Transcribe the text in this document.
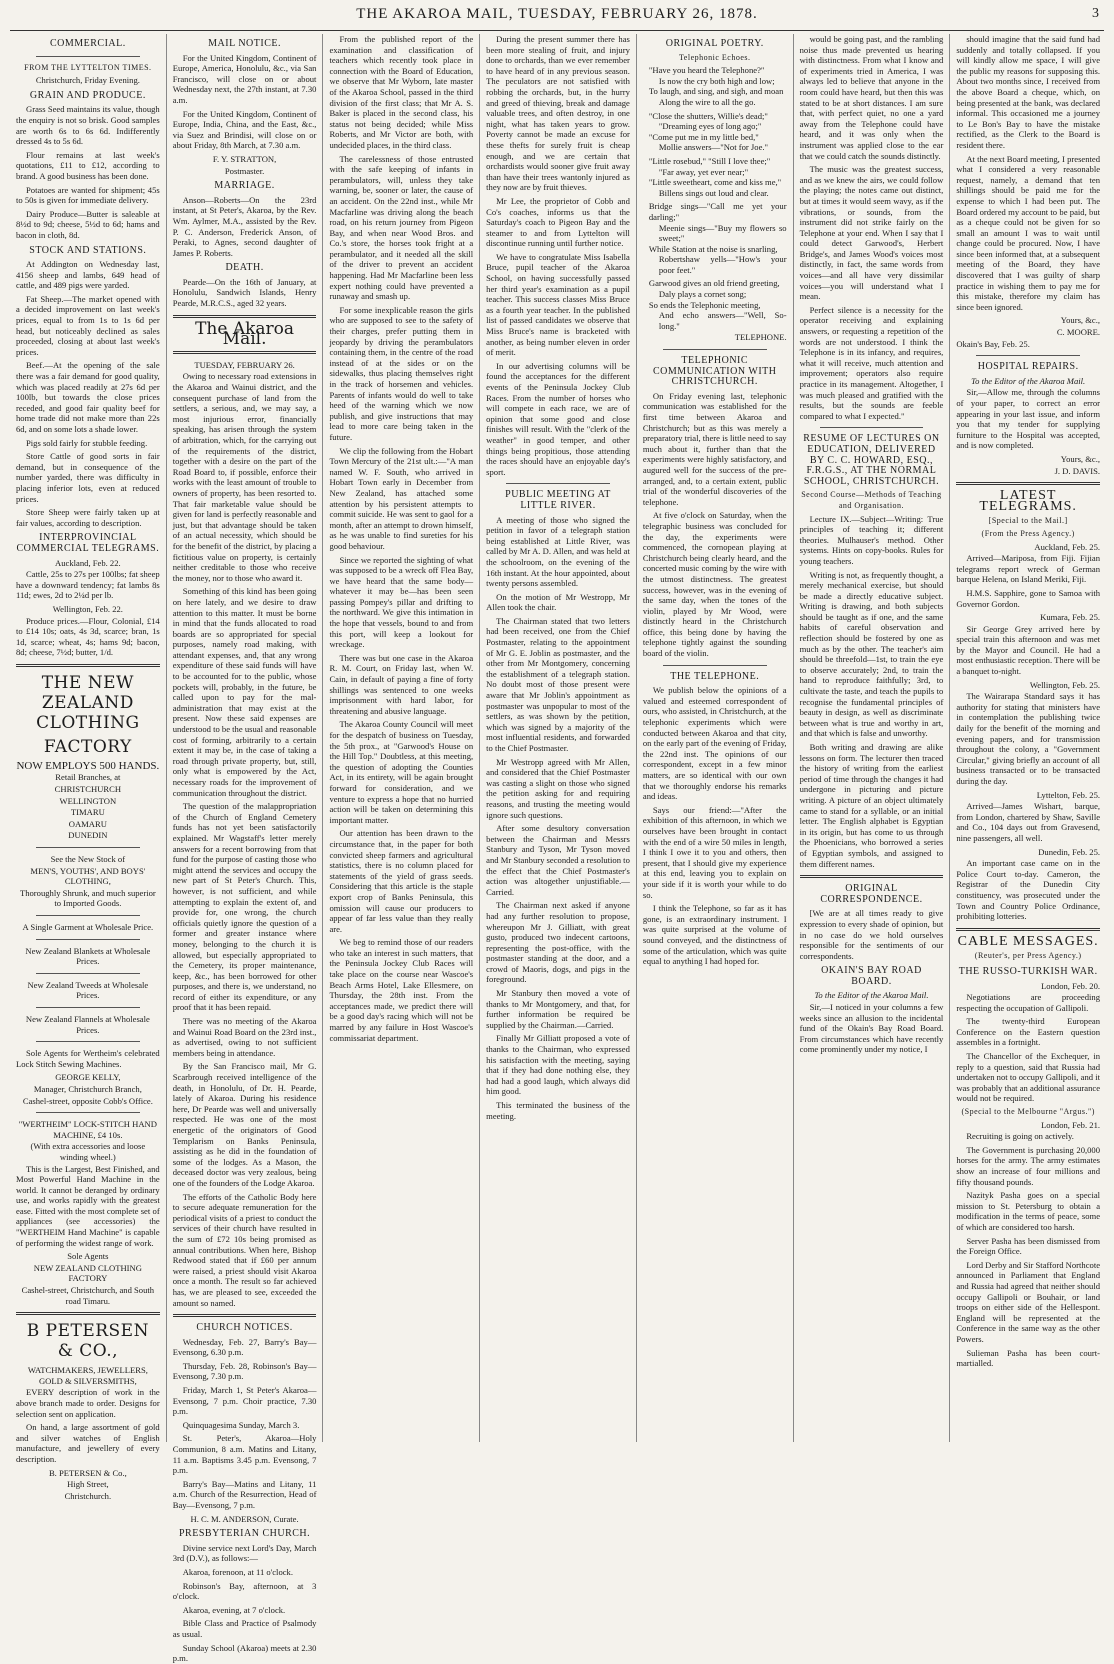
THE AKAROA MAIL, TUESDAY, FEBRUARY 26, 1878.	3
COMMERCIAL.
FROM THE LYTTELTON TIMES.
Christchurch, Friday Evening.
GRAIN AND PRODUCE.

Grass Seed maintains its value, though the enquiry is not so brisk. Good samples are worth 6s to 6s 6d. Indifferently dressed 4s to 5s 6d.

Flour remains at last week's quotations, £11 to £12, according to brand. A good business has been done.

Potatoes are wanted for shipment; 45s to 50s is given for immediate delivery.

Dairy Produce—Butter is saleable at 8½d to 9d; cheese, 5½d to 6d; hams and bacon in cloth, 8d.

STOCK AND STATIONS.

At Addington on Wednesday last, 4156 sheep and lambs, 649 head of cattle, and 489 pigs were yarded.

Fat Sheep.—The market opened with a decided improvement on last week's prices, equal to from 1s to 1s 6d per head, but noticeably declined as sales proceeded, closing at about last week's prices.

Beef.—At the opening of the sale there was a fair demand for good quality, which was placed readily at 27s 6d per 100lb, but towards the close prices receded, and good fair quality beef for home trade did not make more than 22s 6d, and on some lots a shade lower.

Pigs sold fairly for stubble feeding.

Store Cattle of good sorts in fair demand, but in consequence of the number yarded, there was difficulty in placing inferior lots, even at reduced prices.

Store Sheep were fairly taken up at fair values, according to description.

INTERPROVINCIAL COMMERCIAL TELEGRAMS.
Auckland, Feb. 22.

Cattle, 25s to 27s per 100lbs; fat sheep have a downward tendency; fat lambs 8s 11d; ewes, 2d to 2¼d per lb.

Wellington, Feb. 22.

Produce prices.—Flour, Colonial, £14 to £14 10s; oats, 4s 3d, scarce; bran, 1s 1d, scarce; wheat, 4s; hams 9d; bacon, 8d; cheese, 7½d; butter, 1/d.

THE NEW ZEALAND CLOTHING
FACTORY
NOW EMPLOYS 500 HANDS.
Retail Branches, at
CHRISTCHURCH
WELLINGTON
TIMARU
OAMARU
DUNEDIN
See the New Stock of
MEN'S, YOUTHS', AND BOYS' CLOTHING,
Thoroughly Shrunk, and much superior to Imported Goods.
A Single Garment at Wholesale Price.
New Zealand Blankets at Wholesale Prices.
New Zealand Tweeds at Wholesale Prices.
New Zealand Flannels at Wholesale Prices.

Sole Agents for Wertheim's celebrated Lock Stitch Sewing Machines.

GEORGE KELLY,
Manager, Christchurch Branch,
Cashel-street, opposite Cobb's Office.
"WERTHEIM" LOCK-STITCH HAND MACHINE, £4 10s.
(With extra accessories and loose winding wheel.)

This is the Largest, Best Finished, and Most Powerful Hand Machine in the world. It cannot be deranged by ordinary use, and works rapidly with the greatest ease. Fitted with the most complete set of appliances (see accessories) the "WERTHEIM Hand Machine" is capable of performing the widest range of work.

Sole Agents
NEW ZEALAND CLOTHING FACTORY
Cashel-street, Christchurch, and South road Timaru.
B PETERSEN & CO.,
WATCHMAKERS, JEWELLERS, GOLD & SILVERSMITHS,

EVERY description of work in the above branch made to order. Designs for selection sent on application.

On hand, a large assortment of gold and silver watches of English manufacture, and jewellery of every description.

B. PETERSEN & Co.,
High Street,
Christchurch.
MAIL NOTICE.

For the United Kingdom, Continent of Europe, America, Honolulu, &c., via San Francisco, will close on or about Wednesday next, the 27th instant, at 7.30 a.m.

For the United Kingdom, Continent of Europe, India, China, and the East, &c., via Suez and Brindisi, will close on or about Friday, 8th March, at 7.30 a.m.

F. Y. STRATTON,
Postmaster.
MARRIAGE.

Anson—Roberts—On the 23rd instant, at St Peter's, Akaroa, by the Rev. Wm. Aylmer, M.A., assisted by the Rev. P. C. Anderson, Frederick Anson, of Peraki, to Agnes, second daughter of James P. Roberts.

DEATH.

Pearde—On the 16th of January, at Honolulu, Sandwich Islands, Henry Pearde, M.R.C.S., aged 32 years.

The Akaroa Mail.
TUESDAY, FEBRUARY 26.

Owing to necessary road extensions in the Akaroa and Wainui district, and the consequent purchase of land from the settlers, a serious, and, we may say, a most injurious error, financially speaking, has arisen through the system of arbitration, which, for the carrying out of the requirements of the district, together with a desire on the part of the Road Board to, if possible, enforce their works with the least amount of trouble to owners of property, has been resorted to. That fair marketable value should be given for land is perfectly reasonable and just, but that advantage should be taken of an actual necessity, which should be for the benefit of the district, by placing a fictitious value on property, is certainly neither creditable to those who receive the money, nor to those who award it.

Something of this kind has been going on here lately, and we desire to draw attention to this matter. It must be borne in mind that the funds allocated to road boards are so appropriated for special purposes, namely road making, with attendant expenses, and, that any wrong expenditure of these said funds will have to be accounted for to the public, whose pockets will, probably, in the future, be called upon to pay for the mal-administration that may exist at the present. Now these said expenses are understood to be the usual and reasonable cost of forming, arbitrarily to a certain extent it may be, in the case of taking a road through private property, but, still, only what is empowered by the Act, necessary roads for the improvement of communication throughout the district.

The question of the malappropriation of the Church of England Cemetery funds has not yet been satisfactorily explained. Mr Wagstaff's letter merely answers for a recent borrowing from that fund for the purpose of casting those who might attend the services and occupy the new part of St Peter's Church. This, however, is not sufficient, and while attempting to explain the extent of, and provide for, one wrong, the church officials quietly ignore the question of a former and greater instance where money, belonging to the church it is allowed, but especially appropriated to the Cemetery, its proper maintenance, keep, &c., has been borrowed for other purposes, and there is, we understand, no record of either its expenditure, or any proof that it has been repaid.

There was no meeting of the Akaroa and Wainui Road Board on the 23rd inst., as advertised, owing to not sufficient members being in attendance.

By the San Francisco mail, Mr G. Scarbrough received intelligence of the death, in Honolulu, of Dr. H. Pearde, lately of Akaroa. During his residence here, Dr Pearde was well and universally respected. He was one of the most energetic of the originators of Good Templarism on Banks Peninsula, assisting as he did in the foundation of some of the lodges. As a Mason, the deceased doctor was very zealous, being one of the founders of the Lodge Akaroa.

The efforts of the Catholic Body here to secure adequate remuneration for the periodical visits of a priest to conduct the services of their church have resulted in the sum of £72 10s being promised as annual contributions. When here, Bishop Redwood stated that if £60 per annum were raised, a priest should visit Akaroa once a month. The result so far achieved has, we are pleased to see, exceeded the amount so named.

CHURCH NOTICES.

Wednesday, Feb. 27, Barry's Bay—Evensong, 6.30 p.m.

Thursday, Feb. 28, Robinson's Bay—Evensong, 7.30 p.m.

Friday, March 1, St Peter's Akaroa—Evensong, 7 p.m. Choir practice, 7.30 p.m.

Quinquagesima Sunday, March 3.

St. Peter's, Akaroa—Holy Communion, 8 a.m. Matins and Litany, 11 a.m. Baptisms 3.45 p.m. Evensong, 7 p.m.

Barry's Bay—Matins and Litany, 11 a.m. Church of the Resurrection, Head of Bay—Evensong, 7 p.m.

H. C. M. ANDERSON, Curate.
PRESBYTERIAN CHURCH.

Divine service next Lord's Day, March 3rd (D.V.), as follows:—

Akaroa, forenoon, at 11 o'clock.

Robinson's Bay, afternoon, at 3 o'clock.

Akaroa, evening, at 7 o'clock.

Bible Class and Practice of Psalmody as usual.

Sunday School (Akaroa) meets at 2.30 p.m.

From the published report of the examination and classification of teachers which recently took place in connection with the Board of Education, we observe that Mr Wyborn, late master of the Akaroa School, passed in the third division of the first class; that Mr A. S. Baker is placed in the second class, his status not being decided; while Miss Roberts, and Mr Victor are both, with undecided places, in the third class.

The carelessness of those entrusted with the safe keeping of infants in perambulators, will, unless they take warning, be, sooner or later, the cause of an accident. On the 22nd inst., while Mr Macfarline was driving along the beach road, on his return journey from Pigeon Bay, and when near Wood Bros. and Co.'s store, the horses took fright at a perambulator, and it needed all the skill of the driver to prevent an accident happening. Had Mr Macfarline been less expert nothing could have prevented a runaway and smash up.

For some inexplicable reason the girls who are supposed to see to the safety of their charges, prefer putting them in jeopardy by driving the perambulators containing them, in the centre of the road instead of at the sides or on the sidewalks, thus placing themselves right in the track of horsemen and vehicles. Parents of infants would do well to take heed of the warning which we now publish, and give instructions that may lead to more care being taken in the future.

We clip the following from the Hobart Town Mercury of the 21st ult.:—"A man named W. F. South, who arrived in Hobart Town early in December from New Zealand, has attached some attention by his persistent attempts to commit suicide. He was sent to gaol for a month, after an attempt to drown himself, as he was unable to find sureties for his good behaviour.

Since we reported the sighting of what was supposed to be a wreck off Flea Bay, we have heard that the same body—whatever it may be—has been seen passing Pompey's pillar and drifting to the northward. We give this intimation in the hope that vessels, bound to and from this port, will keep a lookout for wreckage.

There was but one case in the Akaroa R. M. Court, on Friday last, when W. Cain, in default of paying a fine of forty shillings was sentenced to one weeks imprisonment with hard labor, for threatening and abusive language.

The Akaroa County Council will meet for the despatch of business on Tuesday, the 5th prox., at "Garwood's House on the Hill Top." Doubtless, at this meeting, the question of adopting the Counties Act, in its entirety, will be again brought forward for consideration, and we venture to express a hope that no hurried action will be taken on determining this important matter.

Our attention has been drawn to the circumstance that, in the paper for both convicted sheep farmers and agricultural statistics, there is no column placed for statements of the yield of grass seeds. Considering that this article is the staple export crop of Banks Peninsula, this omission will cause our producers to appear of far less value than they really are.

We beg to remind those of our readers who take an interest in such matters, that the Peninsula Jockey Club Races will take place on the course near Wascoe's Beach Arms Hotel, Lake Ellesmere, on Thursday, the 28th inst. From the acceptances made, we predict there will be a good day's racing which will not be marred by any failure in Host Wascoe's commissariat department.

During the present summer there has been more stealing of fruit, and injury done to orchards, than we ever remember to have heard of in any previous season. The peculators are not satisfied with robbing the orchards, but, in the hurry and greed of thieving, break and damage valuable trees, and often destroy, in one night, what has taken years to grow. Poverty cannot be made an excuse for these thefts for surely fruit is cheap enough, and we are certain that orchardists would sooner give fruit away than have their trees wantonly injured as they now are by fruit thieves.

Mr Lee, the proprietor of Cobb and Co's coaches, informs us that the Saturday's coach to Pigeon Bay and the steamer to and from Lyttelton will discontinue running until further notice.

We have to congratulate Miss Isabella Bruce, pupil teacher of the Akaroa School, on having successfully passed her third year's examination as a pupil teacher. This success classes Miss Bruce as a fourth year teacher. In the published list of passed candidates we observe that Miss Bruce's name is bracketed with another, as being number eleven in order of merit.

In our advertising columns will be found the acceptances for the different events of the Peninsula Jockey Club Races. From the number of horses who will compete in each race, we are of opinion that some good and close finishes will result. With the "clerk of the weather" in good temper, and other things being propitious, those attending the races should have an enjoyable day's sport.

PUBLIC MEETING AT LITTLE RIVER.

A meeting of those who signed the petition in favor of a telegraph station being established at Little River, was called by Mr A. D. Allen, and was held at the schoolroom, on the evening of the 16th instant. At the hour appointed, about twenty persons assembled.

On the motion of Mr Westropp, Mr Allen took the chair.

The Chairman stated that two letters had been received, one from the Chief Postmaster, relating to the appointment of Mr G. E. Joblin as postmaster, and the other from Mr Montgomery, concerning the establishment of a telegraph station. No doubt most of those present were aware that Mr Joblin's appointment as postmaster was unpopular to most of the settlers, as was shown by the petition, which was signed by a majority of the most influential residents, and forwarded to the Chief Postmaster.

Mr Westropp agreed with Mr Allen, and considered that the Chief Postmaster was casting a slight on those who signed the petition asking for and requiring reasons, and trusting the meeting would ignore such questions.

After some desultory conversation between the Chairman and Messrs Stanbury and Tyson, Mr Tyson moved and Mr Stanbury seconded a resolution to the effect that the Chief Postmaster's action was altogether unjustifiable.—Carried.

The Chairman next asked if anyone had any further resolution to propose, whereupon Mr J. Gilliatt, with great gusto, produced two indecent cartoons, representing the post-office, with the postmaster standing at the door, and a crowd of Maoris, dogs, and pigs in the foreground.

Mr Stanbury then moved a vote of thanks to Mr Montgomery, and that, for further information be required be supplied by the Chairman.—Carried.

Finally Mr Gilliatt proposed a vote of thanks to the Chairman, who expressed his satisfaction with the meeting, saying that if they had done nothing else, they had had a good laugh, which always did him good.

This terminated the business of the meeting.

ORIGINAL POETRY.
Telephonic Echoes.
"Have you heard the Telephone?"
Is now the cry both high and low;
To laugh, and sing, and sigh, and moan
Along the wire to all the go.
"Close the shutters, Willie's dead;"
"Dreaming eyes of long ago;"
"Come put me in my little bed,"
Mollie answers—"Not for Joe."
"Little rosebud," "Still I love thee;"
"Far away, yet ever near;"
"Little sweetheart, come and kiss me,"
Billens sings out loud and clear.
Bridge sings—"Call me yet your darling;"
Meenie sings—"Buy my flowers so sweet;"
While Station at the noise is snarling,
Robertshaw yells—"How's your poor feet."
Garwood gives an old friend greeting,
Daly plays a cornet song;
So ends the Telephonic meeting,
And echo answers—"Well, So-long."
TELEPHONE.
TELEPHONIC COMMUNICATION WITH CHRISTCHURCH.

On Friday evening last, telephonic communication was established for the first time between Akaroa and Christchurch; but as this was merely a preparatory trial, there is little need to say much about it, further than that the experiments were highly satisfactory, and augured well for the success of the pre-arranged, and, to a certain extent, public trial of the wonderful discoveries of the telephone.

At five o'clock on Saturday, when the telegraphic business was concluded for the day, the experiments were commenced, the cornopean playing at Christchurch being clearly heard, and the concerted music coming by the wire with the utmost distinctness. The greatest success, however, was in the evening of the same day, when the tones of the violin, played by Mr Wood, were distinctly heard in the Christchurch office, this being done by having the telephone tightly against the sounding board of the violin.

THE TELEPHONE.

We publish below the opinions of a valued and esteemed correspondent of ours, who assisted, in Christchurch, at the telephonic experiments which were conducted between Akaroa and that city, on the early part of the evening of Friday, the 22nd inst. The opinions of our correspondent, except in a few minor matters, are so identical with our own that we thoroughly endorse his remarks and ideas.

Says our friend:—"After the exhibition of this afternoon, in which we ourselves have been brought in contact with the end of a wire 50 miles in length, I think I owe it to you and others, then present, that I should give my experience at this end, leaving you to explain on your side if it is worth your while to do so.

I think the Telephone, so far as it has gone, is an extraordinary instrument. I was quite surprised at the volume of sound conveyed, and the distinctness of some of the articulation, which was quite equal to anything I had hoped for.

would be going past, and the rambling noise thus made prevented us hearing with distinctness. From what I know and of experiments tried in America, I was always led to believe that anyone in the room could have heard, but then this was stated to be at short distances. I am sure that, with perfect quiet, no one a yard away from the Telephone could have heard, and it was only when the instrument was applied close to the ear that we could catch the sounds distinctly.

The music was the greatest success, and as we knew the airs, we could follow the playing; the notes came out distinct, but at times it would seem wavy, as if the vibrations, or sounds, from the instrument did not strike fairly on the Telephone at your end. When I say that I could detect Garwood's, Herbert Bridge's, and James Wood's voices most distinctly, in fact, the same words from voices—and all have very dissimilar voices—you will understand what I mean.

Perfect silence is a necessity for the operator receiving and explaining answers, or requesting a repetition of the words are not understood. I think the Telephone is in its infancy, and requires, what it will receive, much attention and improvement; operators also require practice in its management. Altogether, I was much pleased and gratified with the results, but the sounds are feeble compared to what I expected."

RESUME OF LECTURES ON EDUCATION, DELIVERED BY C. C. HOWARD, ESQ., F.R.G.S., AT THE NORMAL SCHOOL, CHRISTCHURCH.
Second Course—Methods of Teaching and Organisation.

Lecture IX.—Subject—Writing: True principles of teaching it; different theories. Mulhauser's method. Other systems. Hints on copy-books. Rules for young teachers.

Writing is not, as frequently thought, a merely mechanical exercise, but should be made a directly educative subject. Writing is drawing, and both subjects should be taught as if one, and the same habits of careful observation and reflection should be fostered by one as much as by the other. The teacher's aim should be threefold—1st, to train the eye to observe accurately; 2nd, to train the hand to reproduce faithfully; 3rd, to cultivate the taste, and teach the pupils to recognise the fundamental principles of beauty in design, as well as discriminate between what is true and worthy in art, and that which is false and unworthy.

Both writing and drawing are alike lessons on form. The lecturer then traced the history of writing from the earliest period of time through the changes it had undergone in picturing and picture writing. A picture of an object ultimately came to stand for a syllable, or an initial letter. The English alphabet is Egyptian in its origin, but has come to us through the Phoenicians, who borrowed a series of Egyptian symbols, and assigned to them different names.

ORIGINAL CORRESPONDENCE.

[We are at all times ready to give expression to every shade of opinion, but in no case do we hold ourselves responsible for the sentiments of our correspondents.

OKAIN'S BAY ROAD BOARD.
To the Editor of the Akaroa Mail.

Sir,—I noticed in your columns a few weeks since an allusion to the incidental fund of the Okain's Bay Road Board. From circumstances which have recently come prominently under my notice, I

should imagine that the said fund had suddenly and totally collapsed. If you will kindly allow me space, I will give the public my reasons for supposing this. About two months since, I received from the above Board a cheque, which, on being presented at the bank, was declared informal. This occasioned me a journey to Le Bon's Bay to have the mistake rectified, as the Clerk to the Board is resident there.

At the next Board meeting, I presented what I considered a very reasonable request, namely, a demand that ten shillings should be paid me for the expense to which I had been put. The Board ordered my account to be paid, but as a cheque could not be given for so small an amount I was to wait until change could be procured. Now, I have since been informed that, at a subsequent meeting of the Board, they have discovered that I was guilty of sharp practice in wishing them to pay me for this mistake, therefore my claim has since been ignored.

Yours, &c.,
C. MOORE.
Okain's Bay, Feb. 25.
HOSPITAL REPAIRS.
To the Editor of the Akaroa Mail.

Sir,—Allow me, through the columns of your paper, to correct an error appearing in your last issue, and inform you that my tender for supplying furniture to the Hospital was accepted, and is now completed.

Yours, &c.,
J. D. DAVIS.
LATEST TELEGRAMS.
[Special to the Mail.]
(From the Press Agency.)
Auckland, Feb. 25.

Arrived—Mariposa, from Fiji. Fijian telegrams report wreck of German barque Helena, on Island Meriki, Fiji.

H.M.S. Sapphire, gone to Samoa with Governor Gordon.

Kumara, Feb. 25.

Sir George Grey arrived here by special train this afternoon and was met by the Mayor and Council. He had a most enthusiastic reception. There will be a banquet to-night.

Wellington, Feb. 25.

The Wairarapa Standard says it has authority for stating that ministers have in contemplation the publishing twice daily for the benefit of the morning and evening papers, and for transmission throughout the colony, a "Government Circular," giving briefly an account of all business transacted or to be transacted during the day.

Lyttelton, Feb. 25.

Arrived—James Wishart, barque, from London, chartered by Shaw, Saville and Co., 104 days out from Gravesend, nine passengers, all well.

Dunedin, Feb. 25.

An important case came on in the Police Court to-day. Cameron, the Registrar of the Dunedin City constituency, was prosecuted under the Town and Country Police Ordinance, prohibiting lotteries.

CABLE MESSAGES.
(Reuter's, per Press Agency.)
THE RUSSO-TURKISH WAR.
London, Feb. 20.

Negotiations are proceeding respecting the occupation of Gallipoli.

The twenty-third European Conference on the Eastern question assembles in a fortnight.

The Chancellor of the Exchequer, in reply to a question, said that Russia had undertaken not to occupy Gallipoli, and it was probably that an additional assurance would not be required.

(Special to the Melbourne "Argus.")
London, Feb. 21.

Recruiting is going on actively.

The Government is purchasing 20,000 horses for the army. The army estimates show an increase of four millions and fifty thousand pounds.

Nazityk Pasha goes on a special mission to St. Petersburg to obtain a modification in the terms of peace, some of which are considered too harsh.

Server Pasha has been dismissed from the Foreign Office.

Lord Derby and Sir Stafford Northcote announced in Parliament that England and Russia had agreed that neither should occupy Gallipoli or Bouhair, or land troops on either side of the Hellespont. England will be represented at the Conference in the same way as the other Powers.

Sulieman Pasha has been court-martialled.
